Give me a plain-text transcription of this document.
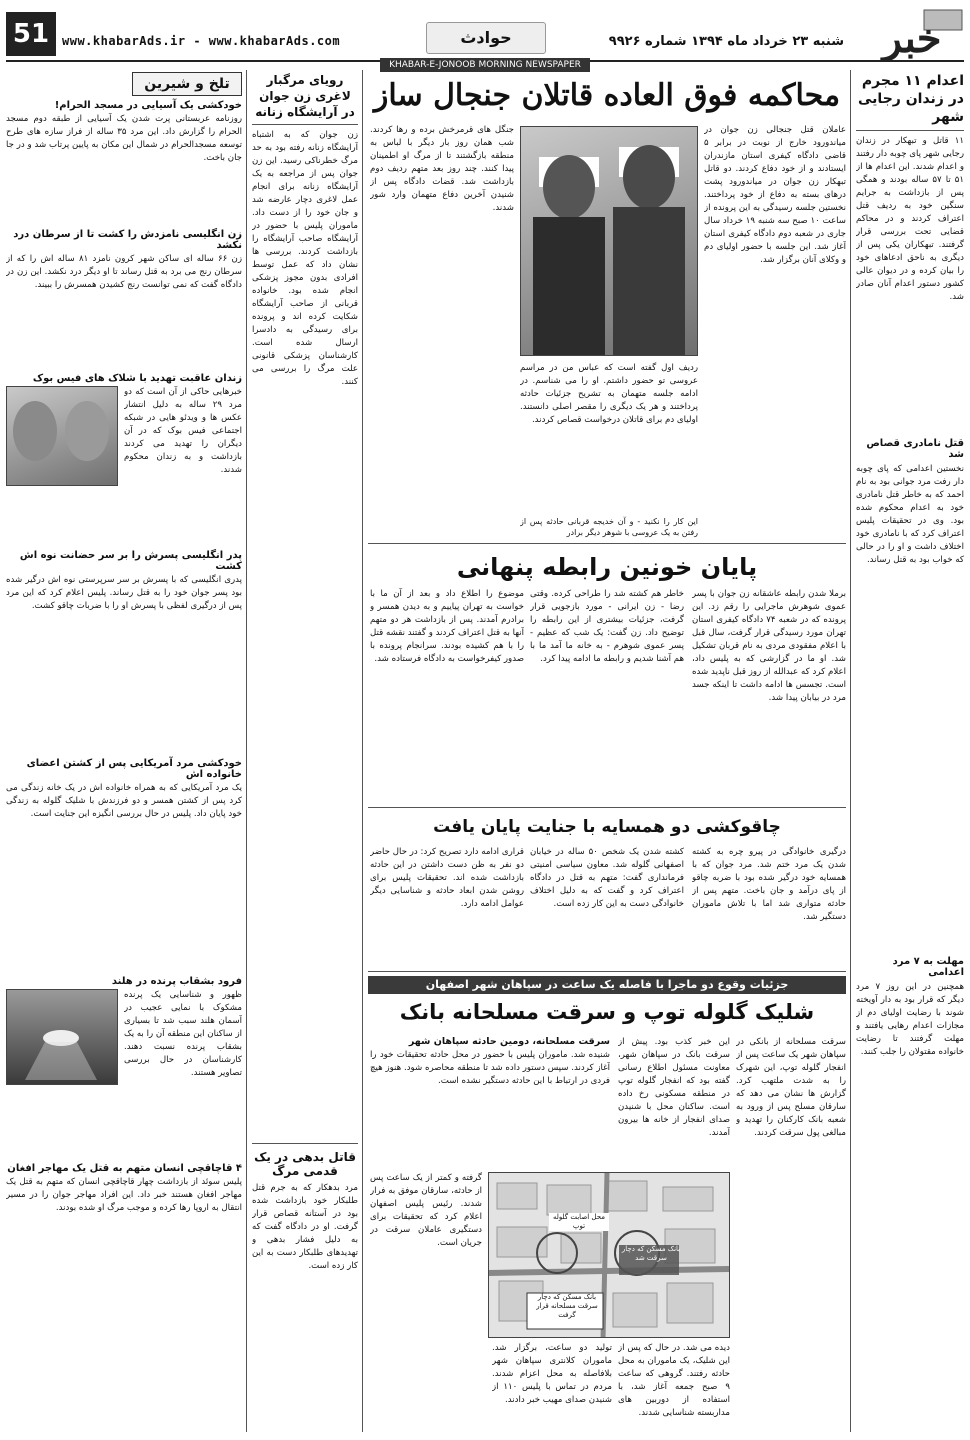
51	www.khabarAds.ir - www.khabarAds.com	حوادث	شنبه ۲۳ خرداد ماه ۱۳۹۴ شماره ۹۹۲۶ خبر
KHABAR-E-JONOOB MORNING NEWSPAPER
اعدام ۱۱ مجرم در زندان رجایی شهر
۱۱ قاتل و تبهکار در زندان رجایی شهر پای چوبه دار رفتند و اعدام شدند. این اعدام ها از ۵۱ تا ۵۷ ساله بودند و همگی پس از بازداشت به جرایم سنگین خود به ردیف قتل اعتراف کردند و در محاکم قضایی تحت بررسی قرار گرفتند. تبهکاران یکی پس از دیگری به ناحق ادعاهای خود را بیان کرده و در دیوان عالی کشور دستور اعدام آنان صادر شد.
قتل نامادری قصاص شد
نخستین اعدامی که پای چوبه دار رفت مرد جوانی بود به نام احمد که به خاطر قتل نامادری خود به اعدام محکوم شده بود. وی در تحقیقات پلیس اعتراف کرد که با نامادری خود اختلاف داشت و او را در حالی که خواب بود به قتل رساند.
مهلت به ۷ مرد اعدامی
همچنین در این روز ۷ مرد دیگر که قرار بود به دار آویخته شوند با رضایت اولیای دم از مجازات اعدام رهایی یافتند و مهلت گرفتند تا رضایت خانواده مقتولان را جلب کنند.
محاکمه فوق العاده قاتلان جنجال ساز
عاملان قتل جنجالی زن جوان در میاندورود خارج از نوبت در برابر ۵ قاضی دادگاه کیفری استان مازندران ایستادند و از خود دفاع کردند. دو قاتل تبهکار زن جوان در میاندورود پشت درهای بسته به دفاع از خود پرداختند. نخستین جلسه رسیدگی به این پرونده از ساعت ۱۰ صبح سه شنبه ۱۹ خرداد سال جاری در شعبه دوم دادگاه کیفری استان آغاز شد. این جلسه با حضور اولیای دم و وکلای آنان برگزار شد.
ردیف اول گفته است که عباس من در مراسم عروسی تو حضور داشتم. او را می شناسم. در ادامه جلسه متهمان به تشریح جزئیات حادثه پرداختند و هر یک دیگری را مقصر اصلی دانستند. اولیای دم برای قاتلان درخواست قصاص کردند.
جنگل های قرمرخش برده و رها کردند. شب همان روز بار دیگر با لباس به منطقه بازگشتند تا از مرگ او اطمینان پیدا کنند. چند روز بعد متهم ردیف دوم بازداشت شد. قضات دادگاه پس از شنیدن آخرین دفاع متهمان وارد شور شدند.
این کار را نکنید - و آن خدیجه قربانی حادثه پس از رفتن به یک عروسی با شوهر دیگر برادر
پایان خونین رابطه پنهانی
برملا شدن رابطه عاشقانه زن جوان با پسر عموی شوهرش ماجرایی را رقم زد. این پرونده که در شعبه ۷۴ دادگاه کیفری استان تهران مورد رسیدگی قرار گرفت، سال قبل با اعلام مفقودی مردی به نام قربان تشکیل شد. او ما در گزارشی که به پلیس داد، اعلام کرد که عبدالله از روز قبل ناپدید شده است. تجسس ها ادامه داشت تا اینکه جسد مرد در بیابان پیدا شد.
خاطر هم کشته شد را طراحی کرده. وقتی رضا - زن ایرانی - مورد بازجویی قرار گرفت، جزئیات بیشتری از این رابطه را توضیح داد. زن گفت: یک شب که عظیم - پسر عموی شوهرم - به خانه ما آمد ما با هم آشنا شدیم و رابطه ما ادامه پیدا کرد.
موضوع را اطلاع داد و بعد از آن ما با خواست به تهران پیاییم و به دیدن همسر و برادرم آمدند. پس از بازداشت هر دو متهم آنها به قتل اعتراف کردند و گفتند نقشه قتل را با هم کشیده بودند. سرانجام پرونده با صدور کیفرخواست به دادگاه فرستاده شد.
چاقوکشی دو همسایه با جنایت پایان یافت
درگیری خانوادگی در پیرو چره به کشته شدن یک مرد ختم شد. مرد جوان که با همسایه خود درگیر شده بود با ضربه چاقو از پای درآمد و جان باخت. متهم پس از حادثه متواری شد اما با تلاش ماموران دستگیر شد.
کشته شدن یک شخص ۵۰ ساله در خیابان اصفهانی گلوله شد. معاون سیاسی امنیتی فرمانداری گفت: متهم به قتل در دادگاه اعتراف کرد و گفت که به دلیل اختلاف خانوادگی دست به این کار زده است.
قراری ادامه دارد تصریح کرد: در حال حاضر دو نفر به ظن دست داشتن در این حادثه بازداشت شده اند. تحقیقات پلیس برای روشن شدن ابعاد حادثه و شناسایی دیگر عوامل ادامه دارد.
جزئیات وقوع دو ماجرا با فاصله یک ساعت در سپاهان شهر اصفهان
شلیک گلوله توپ و سرقت مسلحانه بانک
سرقت مسلحانه از بانکی در سپاهان شهر یک ساعت پس از انفجار گلوله توپ، این شهرک را به شدت ملتهب کرد. گزارش ها نشان می دهد که سارقان مسلح پس از ورود به شعبه بانک کارکنان را تهدید و مبالغی پول سرقت کردند.
این خبر کذب بود. پیش از سرقت بانک در سپاهان شهر، معاونت مسئول اطلاع رسانی گفته بود که انفجار گلوله توپ در منطقه مسکونی رخ داده است. ساکنان محل با شنیدن صدای انفجار از خانه ها بیرون آمدند.
سرقت مسلحانه، دومین حادثه سپاهان شهر
شنیده شد. ماموران پلیس با حضور در محل حادثه تحقیقات خود را آغاز کردند. سپس دستور داده شد تا منطقه محاصره شود. هنوز هیچ فردی در ارتباط با این حادثه دستگیر نشده است.
بانک مسکن که دچار سرقت شد
محل اصابت گلوله توپ
بانک مسکن که دچار سرقت مسلحانه قرار گرفت
دیده می شد. در حال که پس از این شلیک، یک ماموران به محل حادثه رفتند. گروهی که ساعت ۹ صبح جمعه آغاز شد، با استفاده از دوربین های مداربسته شناسایی شدند.
تولید دو ساعت، برگزار شد. ماموران کلانتری سپاهان شهر بلافاصله به محل اعزام شدند. مردم در تماس با پلیس ۱۱۰ از شنیدن صدای مهیب خبر دادند.
گرفته و کمتر از یک ساعت پس از حادثه، سارقان موفق به فرار شدند. رئیس پلیس اصفهان اعلام کرد که تحقیقات برای دستگیری عاملان سرقت در جریان است.
رویای مرگبار لاغری زن جوان در آرایشگاه زنانه
زن جوان که به اشتباه آرایشگاه زنانه رفته بود به حد مرگ خطرناکی رسید. این زن جوان پس از مراجعه به یک آرایشگاه زنانه برای انجام عمل لاغری دچار عارضه شد و جان خود را از دست داد. ماموران پلیس با حضور در آرایشگاه صاحب آرایشگاه را بازداشت کردند. بررسی ها نشان داد که عمل توسط افرادی بدون مجوز پزشکی انجام شده بود. خانواده قربانی از صاحب آرایشگاه شکایت کرده اند و پرونده برای رسیدگی به دادسرا ارسال شده است. کارشناسان پزشکی قانونی علت مرگ را بررسی می کنند.
قاتل بدهی در یک قدمی مرگ
مرد بدهکار که به جرم قتل طلبکار خود بازداشت شده بود در آستانه قصاص قرار گرفت. او در دادگاه گفت که به دلیل فشار بدهی و تهدیدهای طلبکار دست به این کار زده است.
تلخ و شیرین
خودکشی یک آسیایی در مسجد الحرام!
روزنامه عربستانی پرت شدن یک آسیایی از طبقه دوم مسجد الحرام را گزارش داد. این مرد ۳۵ ساله از فراز سازه های طرح توسعه مسجدالحرام در شمال این مکان به پایین پرتاب شد و در جا جان باخت.
زن انگلیسی نامزدش را کشت تا از سرطان درد نکشد
زن ۶۶ ساله ای ساکن شهر کرون نامزد ۸۱ ساله اش را که از سرطان رنج می برد به قتل رساند تا او دیگر درد نکشد. این زن در دادگاه گفت که نمی توانست رنج کشیدن همسرش را ببیند.
زندان عاقبت تهدید با شلاک های فیس بوک
خبرهایی حاکی از آن است که دو مرد ۲۹ ساله به دلیل انتشار عکس ها و ویدئو هایی در شبکه اجتماعی فیس بوک که در آن دیگران را تهدید می کردند بازداشت و به زندان محکوم شدند.
پدر انگلیسی پسرش را بر سر حضانت نوه اش کشت
پدری انگلیسی که با پسرش بر سر سرپرستی نوه اش درگیر شده بود پسر جوان خود را به قتل رساند. پلیس اعلام کرد که این مرد پس از درگیری لفظی با پسرش او را با ضربات چاقو کشت.
خودکشی مرد آمریکایی پس از کشتن اعضای خانواده اش
یک مرد آمریکایی که به همراه خانواده اش در یک خانه زندگی می کرد پس از کشتن همسر و دو فرزندش با شلیک گلوله به زندگی خود پایان داد. پلیس در حال بررسی انگیزه این جنایت است.
فرود بشقاب پرنده در هلند
ظهور و شناسایی یک پرنده مشکوک با نمایی عجیب در آسمان هلند سبب شد تا بسیاری از ساکنان این منطقه آن را به یک بشقاب پرنده نسبت دهند. کارشناسان در حال بررسی تصاویر هستند.
۴ قاچاقچی انسان متهم به قتل یک مهاجر افغان
پلیس سوئد از بازداشت چهار قاچاقچی انسان که متهم به قتل یک مهاجر افغان هستند خبر داد. این افراد مهاجر جوان را در مسیر انتقال به اروپا رها کرده و موجب مرگ او شده بودند.
